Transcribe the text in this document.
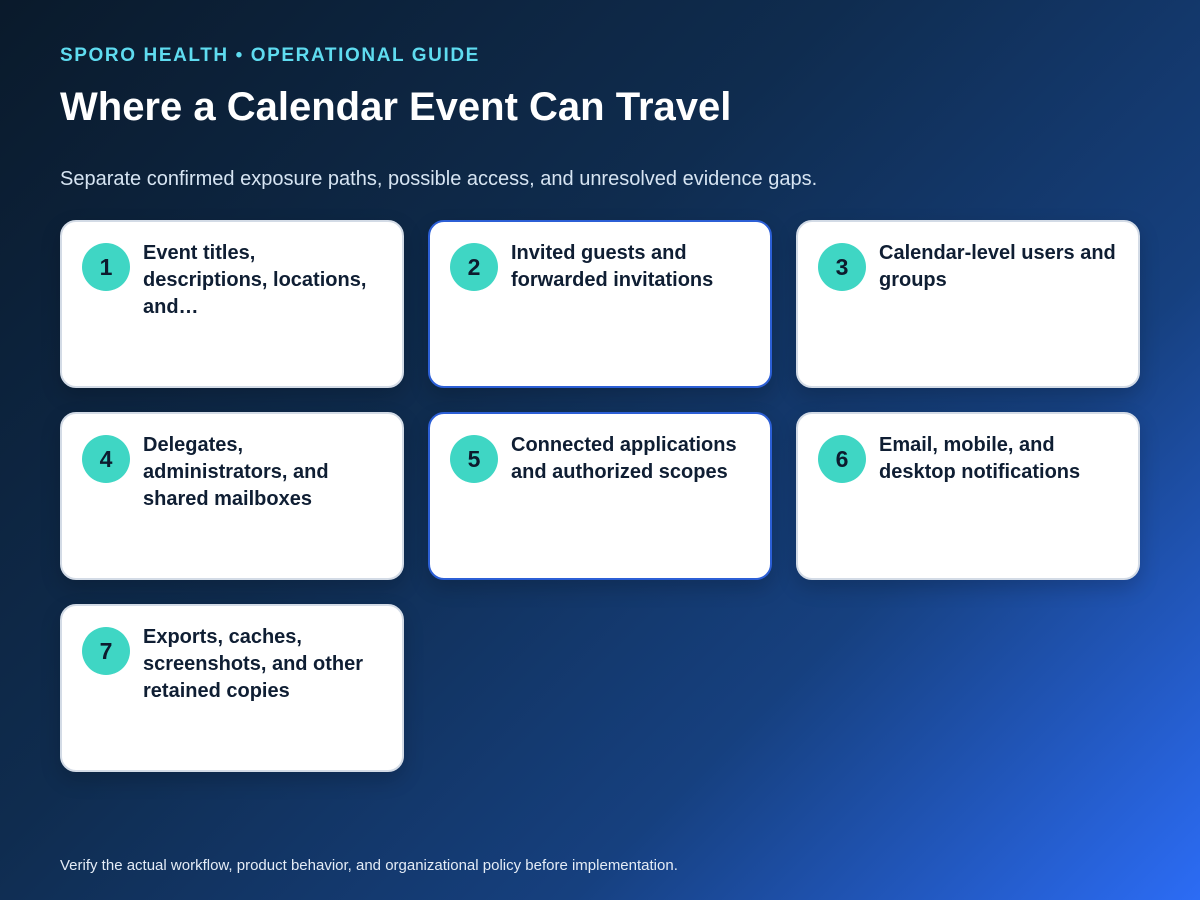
SPORO HEALTH • OPERATIONAL GUIDE
Where a Calendar Event Can Travel
Separate confirmed exposure paths, possible access, and unresolved evidence gaps.
1
Event titles, descriptions, locations, and…
2
Invited guests and forwarded invitations
3
Calendar-level users and groups
4
Delegates, administrators, and shared mailboxes
5
Connected applications and authorized scopes
6
Email, mobile, and desktop notifications
7
Exports, caches, screenshots, and other retained copies
Verify the actual workflow, product behavior, and organizational policy before implementation.
